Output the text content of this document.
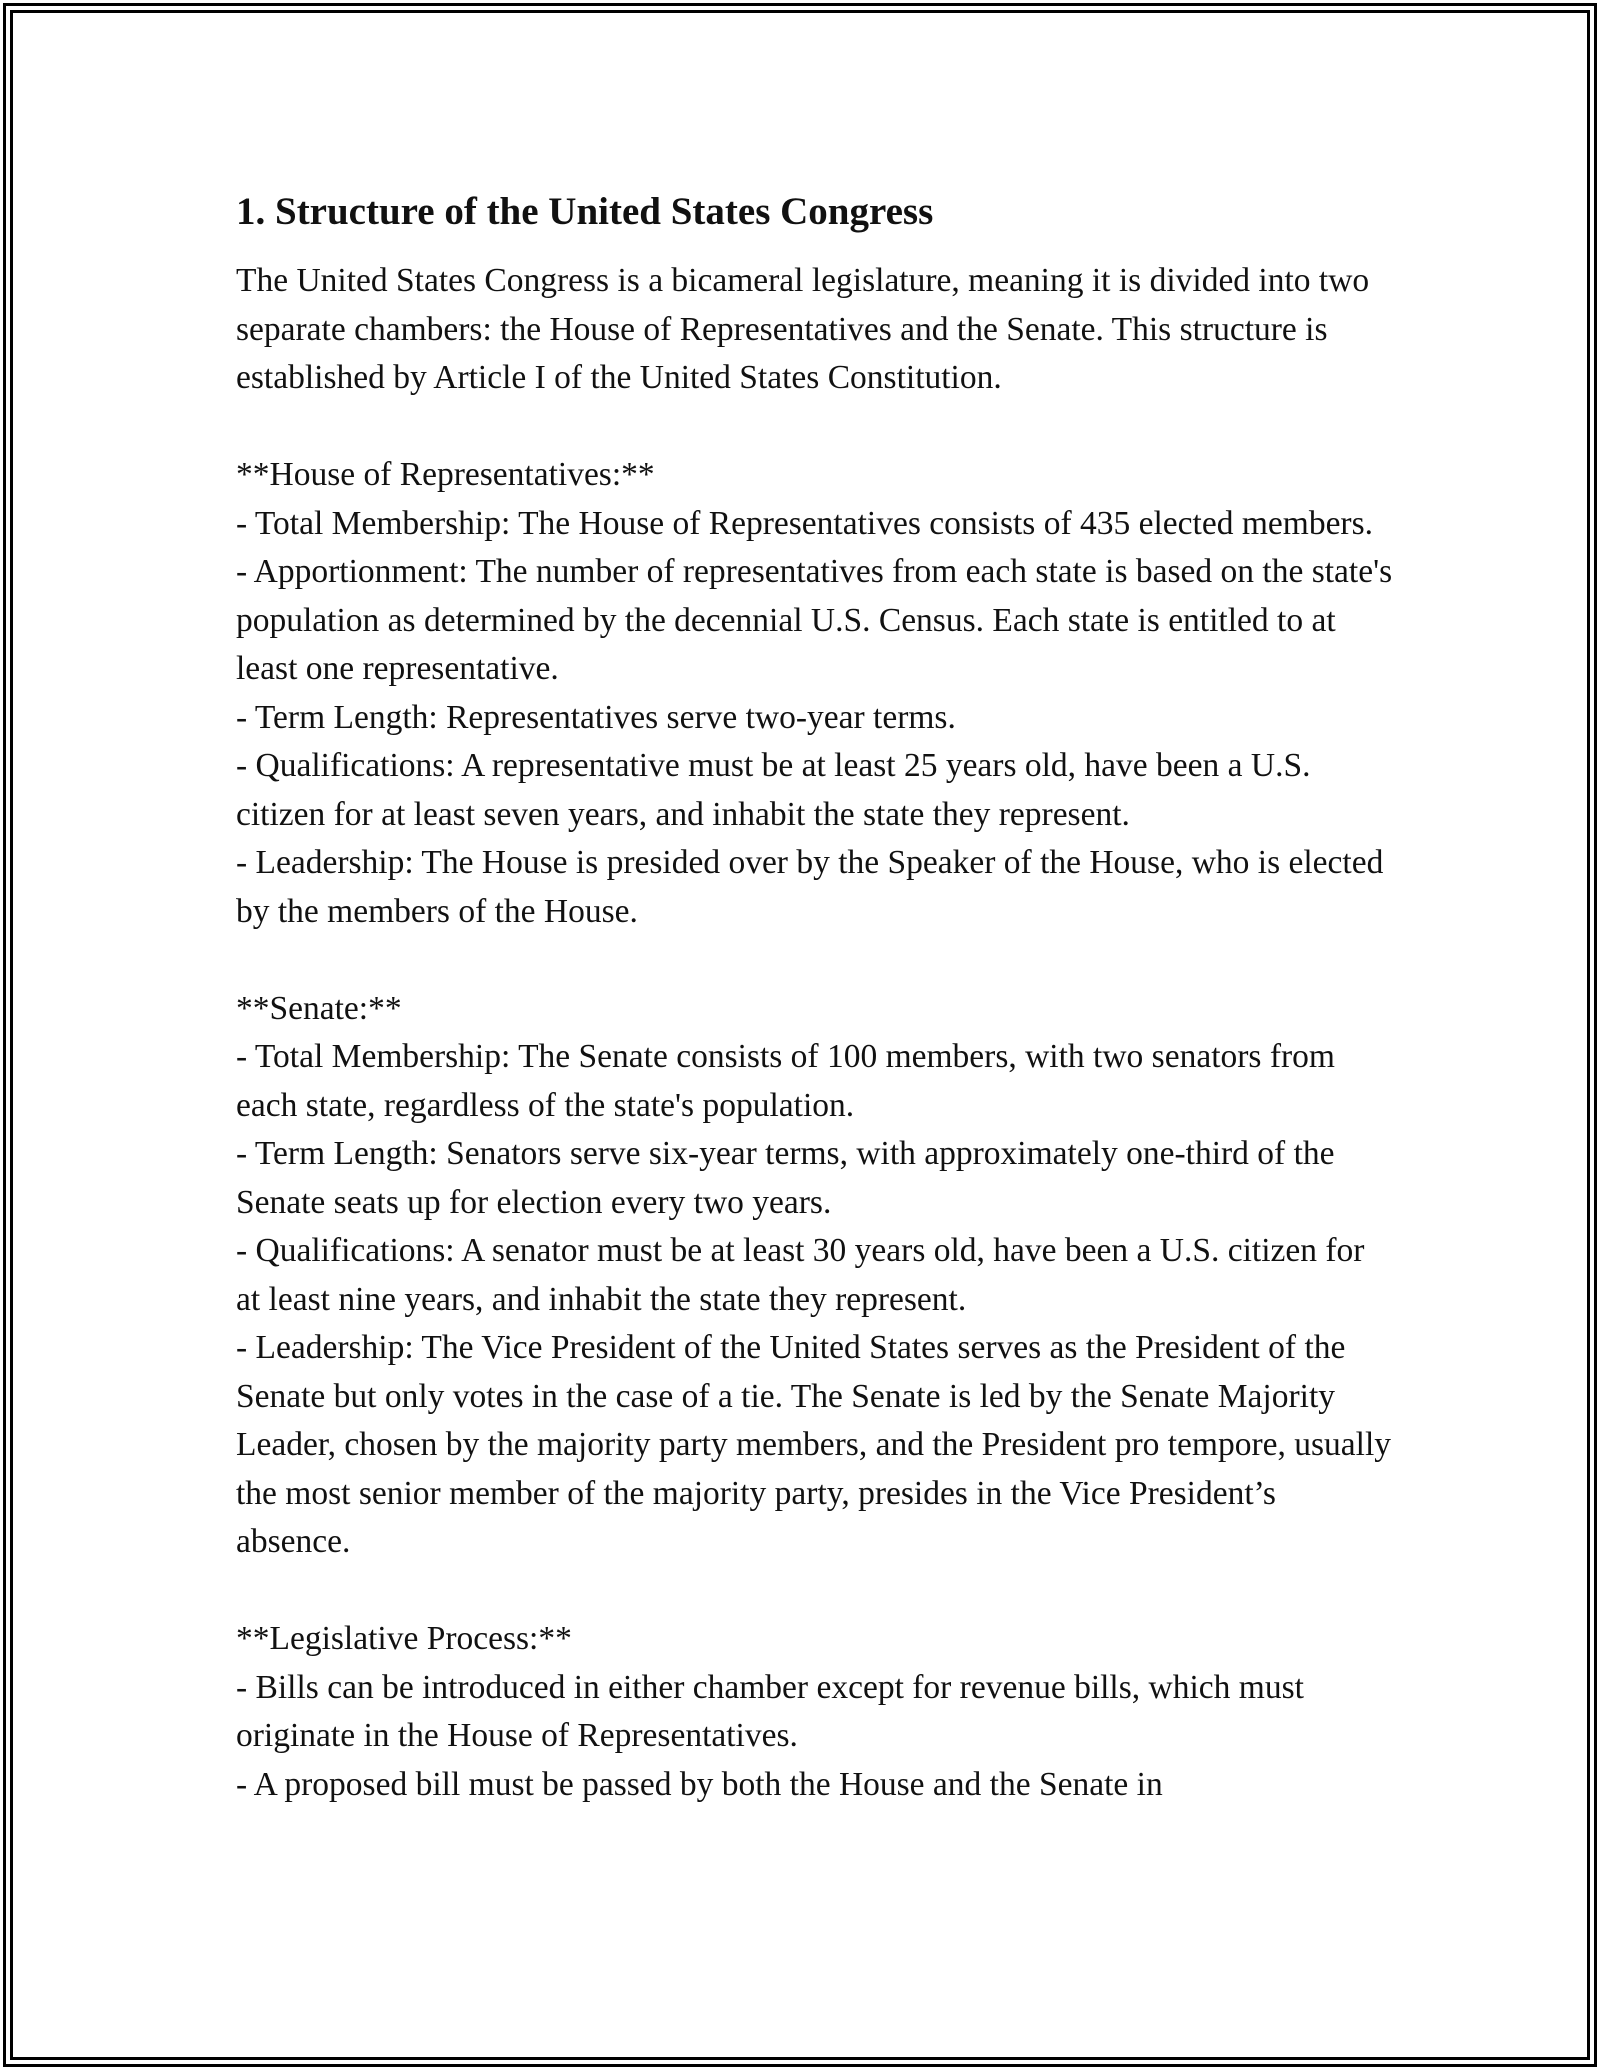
1. Structure of the United States Congress

The United States Congress is a bicameral legislature, meaning it is divided into two separate chambers: the House of Representatives and the Senate. This structure is established by Article I of the United States Constitution.

**House of Representatives:**

- Total Membership: The House of Representatives consists of 435 elected members.

- Apportionment: The number of representatives from each state is based on the state's population as determined by the decennial U.S. Census. Each state is entitled to at least one representative.

- Term Length: Representatives serve two-year terms.

- Qualifications: A representative must be at least 25 years old, have been a U.S. citizen for at least seven years, and inhabit the state they represent.

- Leadership: The House is presided over by the Speaker of the House, who is elected by the members of the House.

**Senate:**

- Total Membership: The Senate consists of 100 members, with two senators from each state, regardless of the state's population.

- Term Length: Senators serve six-year terms, with approximately one-third of the Senate seats up for election every two years.

- Qualifications: A senator must be at least 30 years old, have been a U.S. citizen for at least nine years, and inhabit the state they represent.

- Leadership: The Vice President of the United States serves as the President of the Senate but only votes in the case of a tie. The Senate is led by the Senate Majority Leader, chosen by the majority party members, and the President pro tempore, usually the most senior member of the majority party, presides in the Vice President’s absence.

**Legislative Process:**

- Bills can be introduced in either chamber except for revenue bills, which must originate in the House of Representatives.

- A proposed bill must be passed by both the House and the Senate in
